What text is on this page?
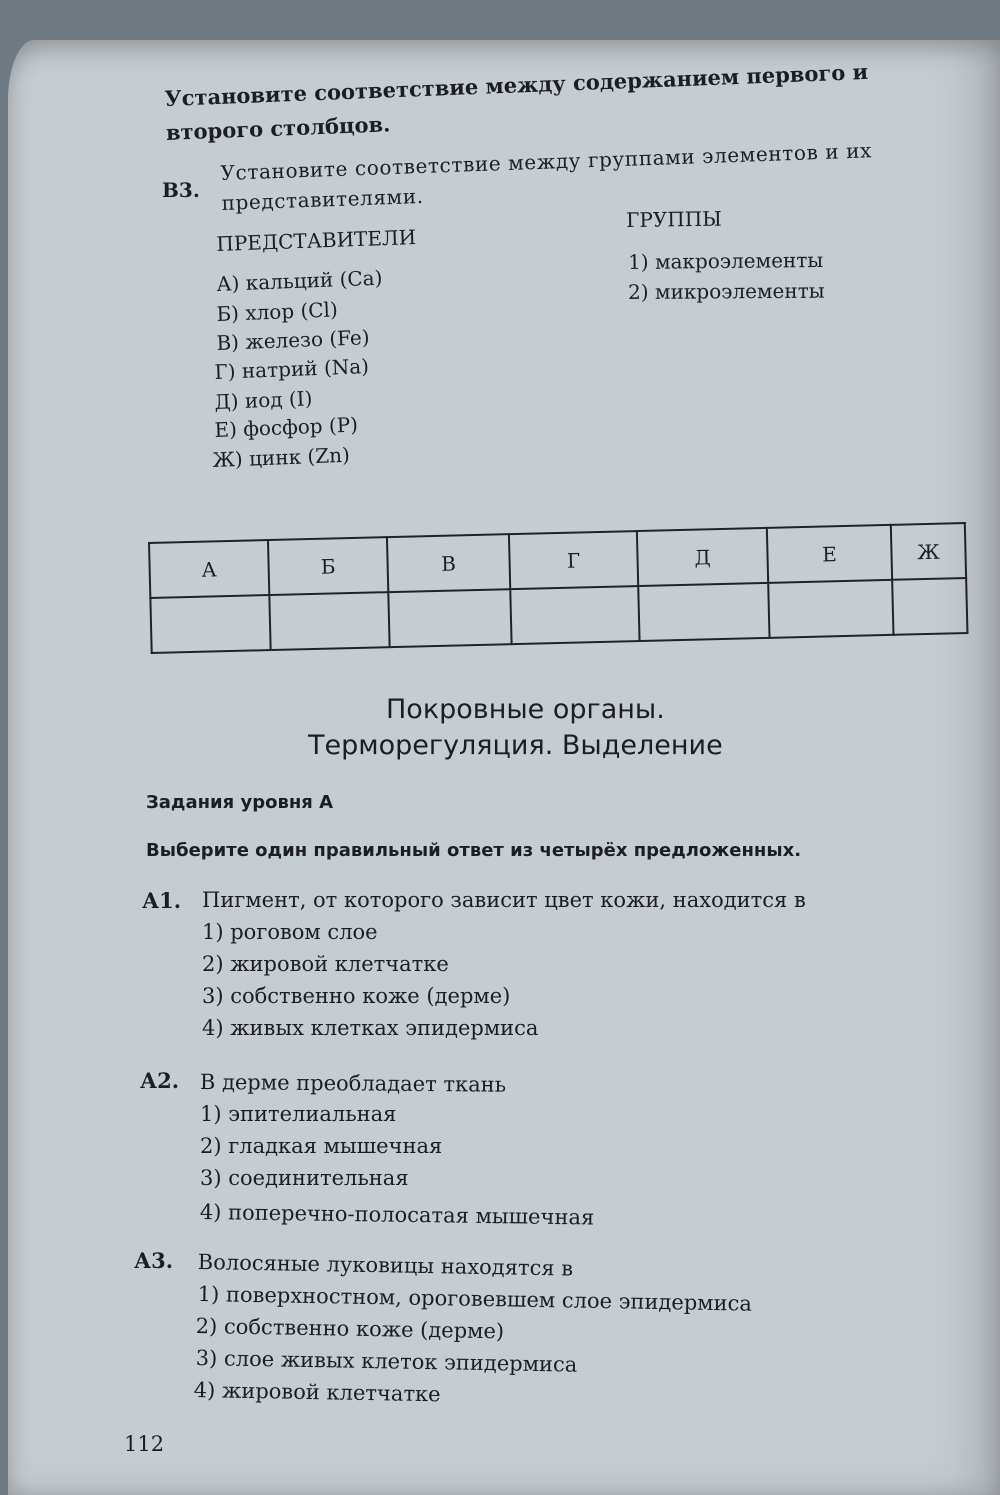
Установите соответствие между содержанием первого и второго столбцов.
В3.
Установите соответствие между группами элементов и их представителями.
ПРЕДСТАВИТЕЛИ
ГРУППЫ
А) кальций (Ca)
Б) хлор (Cl)
В) железо (Fe)
Г) натрий (Na)
Д) иод (I)
Е) фосфор (P)
Ж) цинк (Zn)
1) макроэлементы
2) микроэлементы
А	Б	В	Г	Д	Е	Ж

Покровные органы.
Терморегуляция. Выделение
Задания уровня А
Выберите один правильный ответ из четырёх предложенных.
А1. Пигмент, от которого зависит цвет кожи, находится в
1) роговом слое
2) жировой клетчатке
3) собственно коже (дерме)
4) живых клетках эпидермиса
А2. В дерме преобладает ткань
1) эпителиальная
2) гладкая мышечная
3) соединительная
4) поперечно-полосатая мышечная
А3. Волосяные луковицы находятся в
1) поверхностном, ороговевшем слое эпидермиса
2) собственно коже (дерме)
3) слое живых клеток эпидермиса
4) жировой клетчатке
112
